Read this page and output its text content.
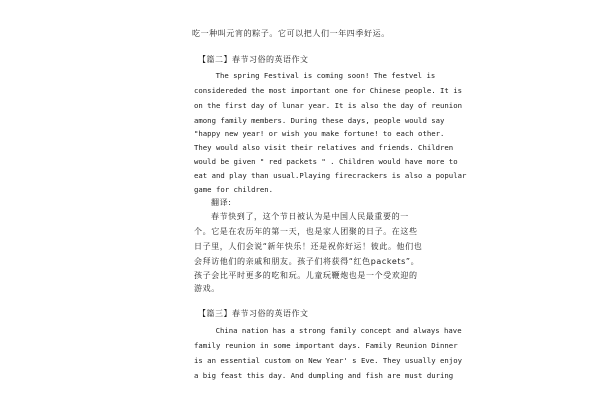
吃一种叫元宵的粽子。它可以把人们一年四季好运。
【篇二】春节习俗的英语作文
The spring Festival is coming soon! The festvel is
considereded the most important one for Chinese people. It is
on the first day of lunar year. It is also the day of reunion
among family members. During these days, people would say
"happy new year! or wish you make fortune! to each other.
They would also visit their relatives and friends. Children
would be given " red packets " . Children would have more to
eat and play than usual.Playing firecrackers is also a popular
game for children.
翻译:
春节快到了，这个节日被认为是中国人民最重要的一
个。它是在农历年的第一天，也是家人团聚的日子。在这些
日子里，人们会说“新年快乐！还是祝你好运！彼此。他们也
会拜访他们的亲戚和朋友。孩子们将获得“红色packets”。
孩子会比平时更多的吃和玩。儿童玩鞭炮也是一个受欢迎的
游戏。
【篇三】春节习俗的英语作文
China nation has a strong family concept and always have
family reunion in some important days. Family Reunion Dinner
is an essential custom on New Year' s Eve. They usually enjoy
a big feast this day. And dumpling and fish are must during
